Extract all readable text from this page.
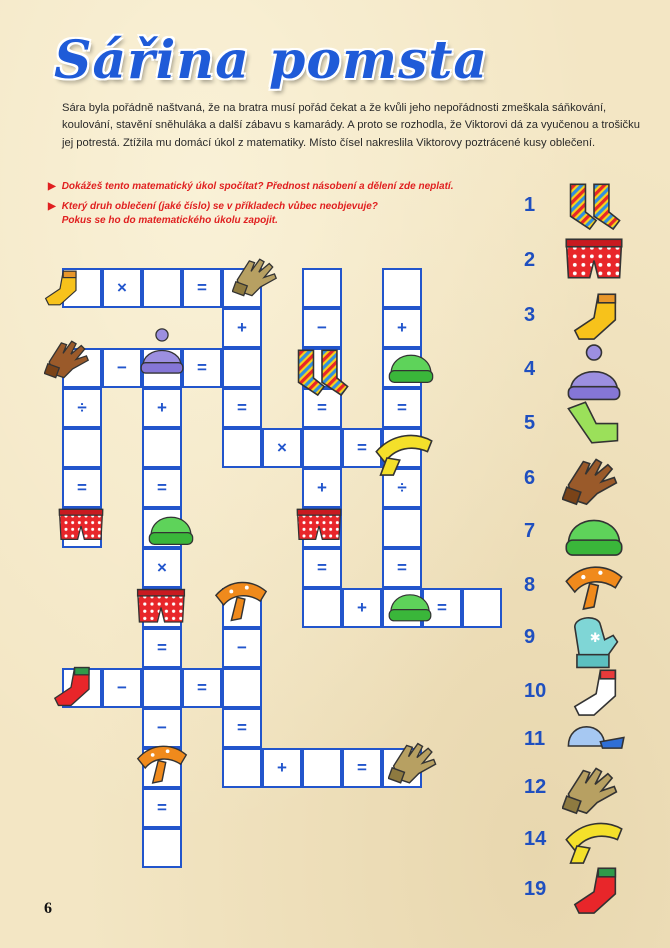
Sářina pomsta
Sára byla pořádně naštvaná, že na bratra musí pořád čekat a že kvůli jeho nepořádnosti zmeškala sáňkování, koulování, stavění sněhuláka a další zábavu s kamarády. A proto se rozhodla, že Viktorovi dá za vyučenou a trošičku jej potrestá. Ztížila mu domácí úkol z matematiky. Místo čísel nakreslila Viktorovy poztrácené kusy oblečení.
▶ Dokážeš tento matematický úkol spočítat? Přednost násobení a dělení zde neplatí.
▶ Který druh oblečení (jaké číslo) se v příkladech vůbec neobjevuje?
Pokus se ho do matematického úkolu zapojit.
×	=
+	−	+
−	=
÷	+	=	=	=
×	=
=	=	+	÷
×	=	=
+	=
=	−
−	=
−	=
+	=
=
1
2
3
4
5
6
7
8
9	✱
10
11
12
14
19
6
